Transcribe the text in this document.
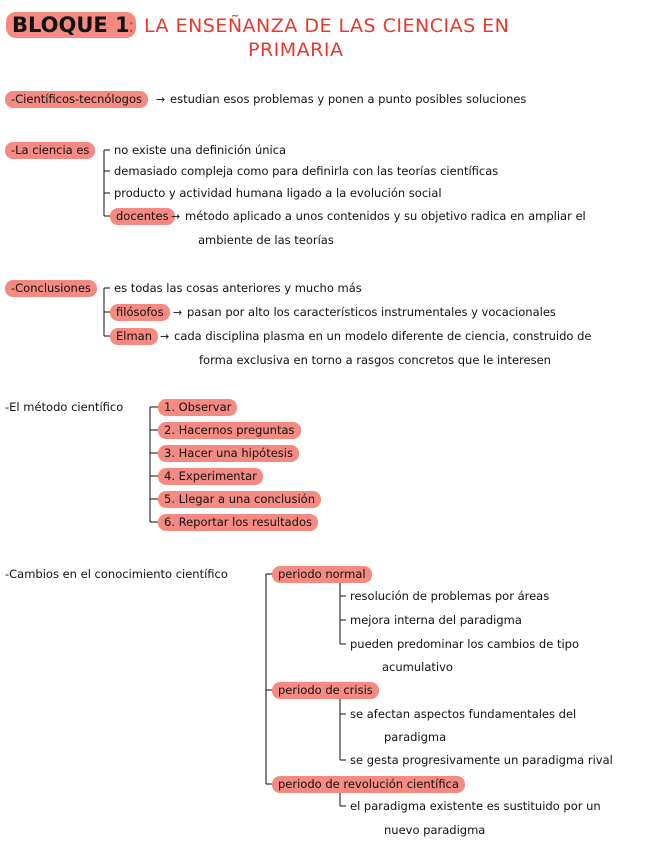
BLOQUE 1
: LA ENSEÑANZA DE LAS CIENCIAS EN
PRIMARIA
-Científicos-tecnólogos	→ estudian esos problemas y ponen a punto posibles soluciones
-La ciencia es	no existe una definición única
demasiado compleja como para definirla con las teorías científicas
producto y actividad humana ligado a la evolución social
docentes → método aplicado a unos contenidos y su objetivo radica en ampliar el
ambiente de las teorías
-Conclusiones	es todas las cosas anteriores y mucho más
filósofos → pasan por alto los característicos instrumentales y vocacionales
Elman → cada disciplina plasma en un modelo diferente de ciencia, construido de
forma exclusiva en torno a rasgos concretos que le interesen
-El método científico	1. Observar
2. Hacernos preguntas
3. Hacer una hipótesis
4. Experimentar
5. Llegar a una conclusión
6. Reportar los resultados
-Cambios en el conocimiento científico	periodo normal
resolución de problemas por áreas
mejora interna del paradigma
pueden predominar los cambios de tipo
acumulativo
periodo de crisis
se afectan aspectos fundamentales del
paradigma
se gesta progresivamente un paradigma rival
periodo de revolución científica
el paradigma existente es sustituido por un
nuevo paradigma
